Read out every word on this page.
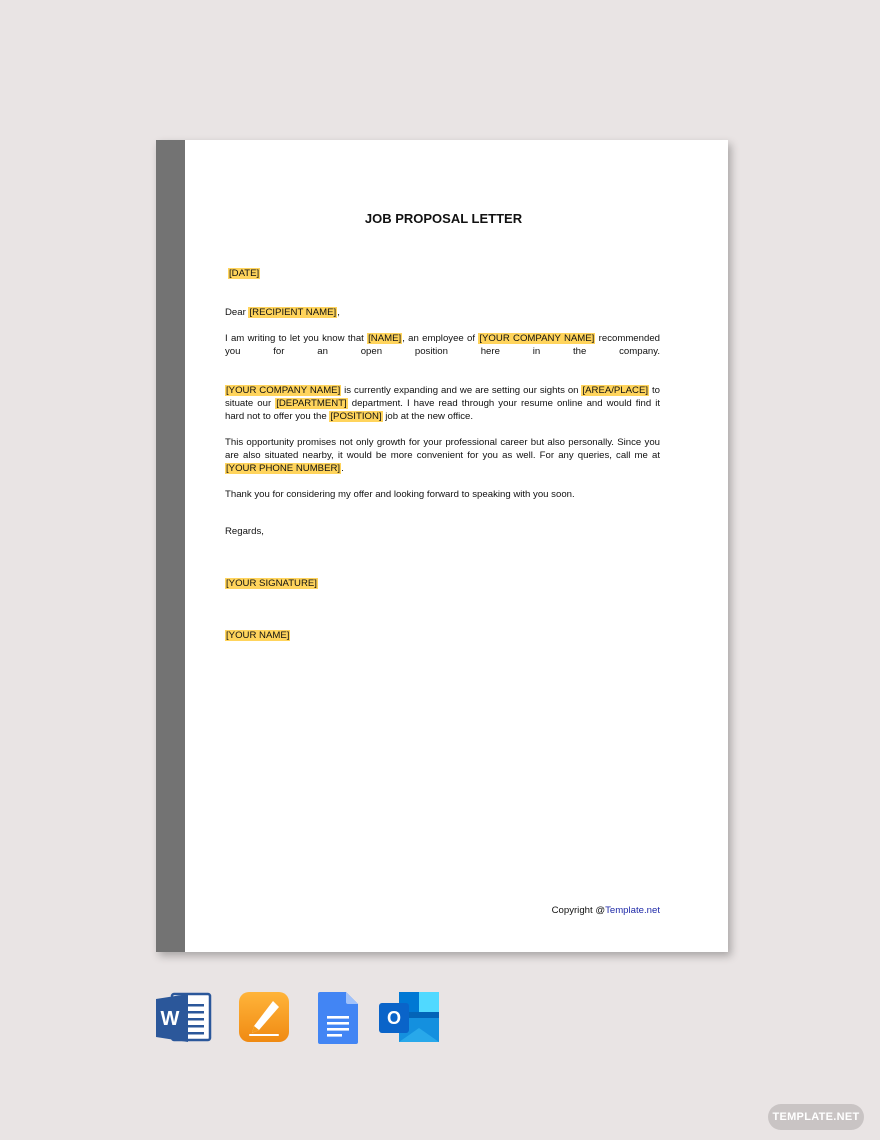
JOB PROPOSAL LETTER

[DATE]

Dear [RECIPIENT NAME],

I am writing to let you know that [NAME], an employee of [YOUR COMPANY NAME] recommended you for an open position here in the company.

[YOUR COMPANY NAME] is currently expanding and we are setting our sights on [AREA/PLACE] to situate our [DEPARTMENT] department. I have read through your resume online and would find it hard not to offer you the [POSITION] job at the new office.

This opportunity promises not only growth for your professional career but also personally. Since you are also situated nearby, it would be more convenient for you as well. For any queries, call me at [YOUR PHONE NUMBER].

Thank you for considering my offer and looking forward to speaking with you soon.

Regards,

[YOUR SIGNATURE]

[YOUR NAME]

Copyright @Template.net
W	O
TEMPLATE.NET
